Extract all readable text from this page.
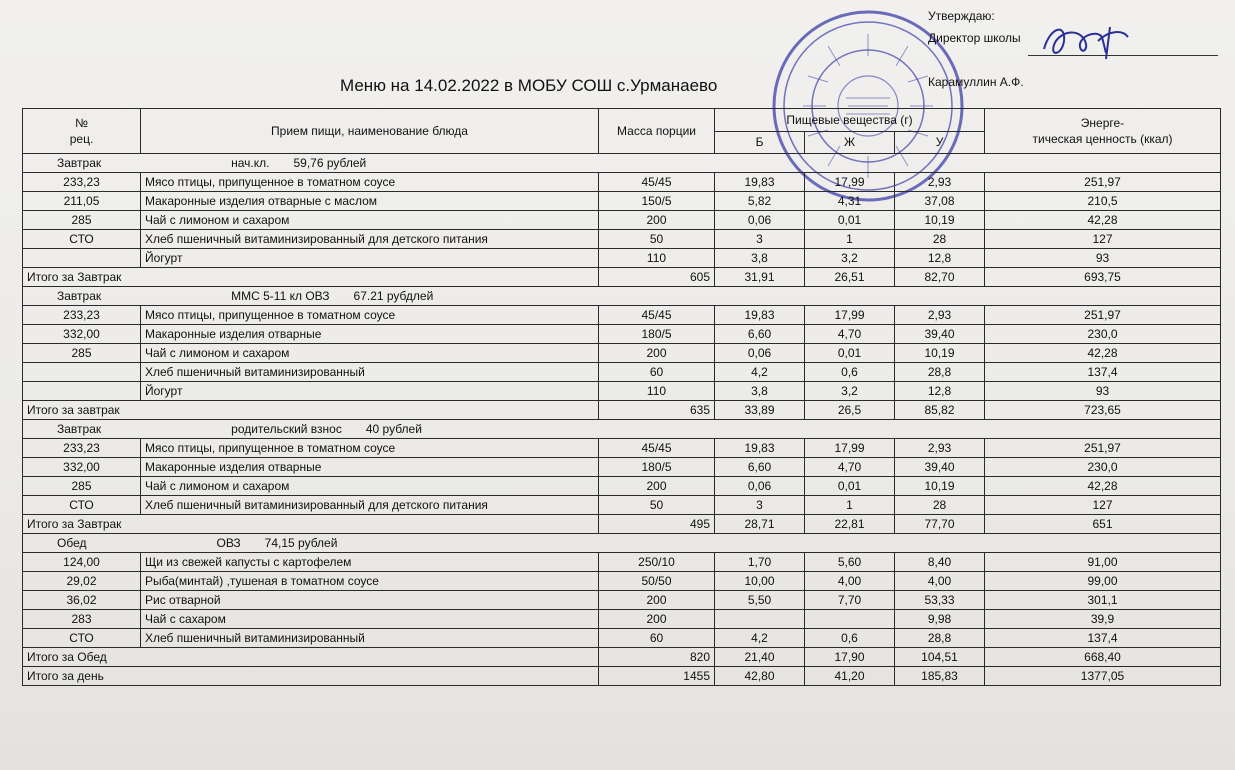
Утверждаю:
Директор школы
Карамуллин А.Ф.
Меню на 14.02.2022 в МОБУ СОШ с.Урманаево
№
рец.	Прием пищи, наименование блюда	Масса порции	Пищевые вещества (г)			Энерге-
тическая ценность (ккал)
			Б	Ж	У	
Завтрак нач.кл. 59,76 рублей						
233,23	Мясо птицы, припущенное в томатном соусе	45/45	19,83	17,99	2,93	251,97
211,05	Макаронные изделия отварные с маслом	150/5	5,82	4,31	37,08	210,5
285	Чай с лимоном и сахаром	200	0,06	0,01	10,19	42,28
СТО	Хлеб пшеничный витаминизированный для детского питания	50	3	1	28	127
	Йогурт	110	3,8	3,2	12,8	93
Итого за Завтрак		605	31,91	26,51	82,70	693,75
Завтрак ММС 5-11 кл ОВЗ 67.21 рубдлей						
233,23	Мясо птицы, припущенное в томатном соусе	45/45	19,83	17,99	2,93	251,97
332,00	Макаронные изделия отварные	180/5	6,60	4,70	39,40	230,0
285	Чай с лимоном и сахаром	200	0,06	0,01	10,19	42,28
	Хлеб пшеничный витаминизированный	60	4,2	0,6	28,8	137,4
	Йогурт	110	3,8	3,2	12,8	93
Итого за завтрак		635	33,89	26,5	85,82	723,65
Завтрак родительский взнос 40 рублей						
233,23	Мясо птицы, припущенное в томатном соусе	45/45	19,83	17,99	2,93	251,97
332,00	Макаронные изделия отварные	180/5	6,60	4,70	39,40	230,0
285	Чай с лимоном и сахаром	200	0,06	0,01	10,19	42,28
СТО	Хлеб пшеничный витаминизированный для детского питания	50	3	1	28	127
Итого за Завтрак		495	28,71	22,81	77,70	651
Обед ОВЗ 74,15 рублей						
124,00	Щи из свежей капусты с картофелем	250/10	1,70	5,60	8,40	91,00
29,02	Рыба(минтай) ,тушеная в томатном соусе	50/50	10,00	4,00	4,00	99,00
36,02	Рис отварной	200	5,50	7,70	53,33	301,1
283	Чай с сахаром	200			9,98	39,9
СТО	Хлеб пшеничный витаминизированный	60	4,2	0,6	28,8	137,4
Итого за Обед		820	21,40	17,90	104,51	668,40
Итого за день		1455	42,80	41,20	185,83	1377,05
